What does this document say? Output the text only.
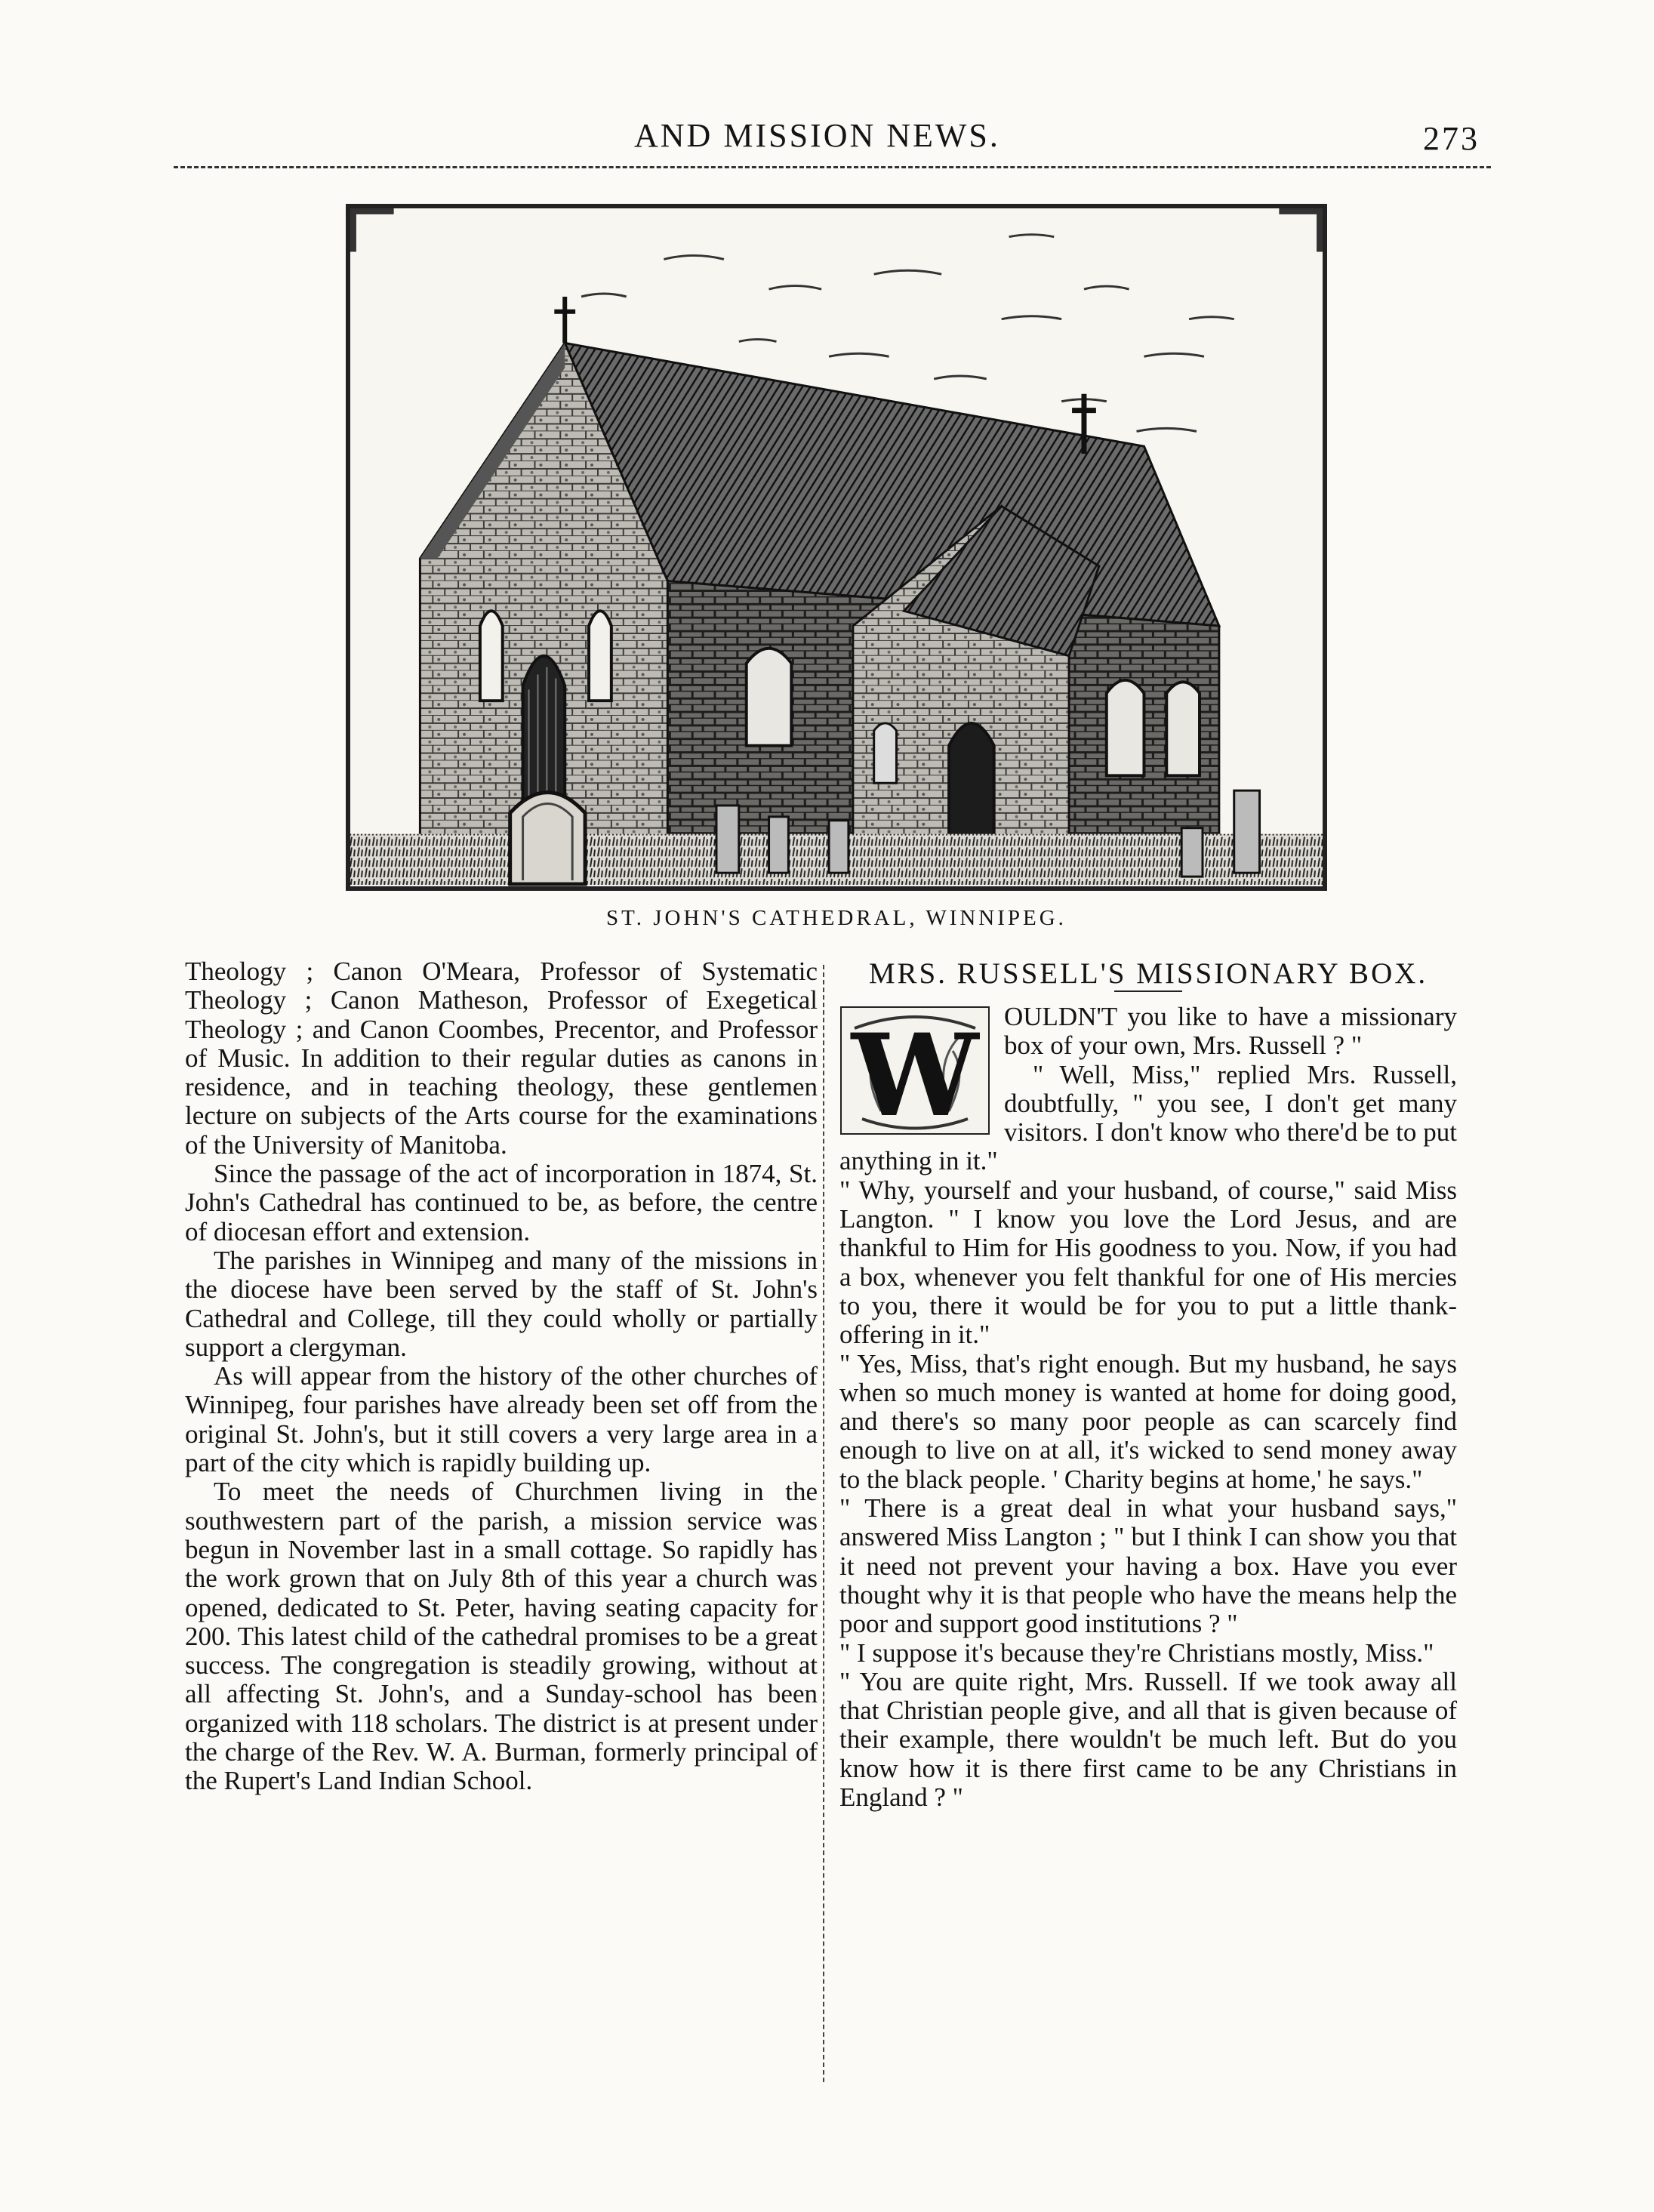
AND MISSION NEWS.	273
ST. JOHN'S CATHEDRAL, WINNIPEG.

Theology ; Canon O'Meara, Professor of Systematic Theology ; Canon Matheson, Professor of Exegetical Theology ; and Canon Coombes, Precentor, and Professor of Music. In addition to their regular duties as canons in residence, and in teaching theology, these gentlemen lecture on subjects of the Arts course for the examinations of the University of Manitoba.

Since the passage of the act of incorporation in 1874, St. John's Cathedral has continued to be, as before, the centre of diocesan effort and extension.

The parishes in Winnipeg and many of the missions in the diocese have been served by the staff of St. John's Cathedral and College, till they could wholly or partially support a clergyman.

As will appear from the history of the other churches of Winnipeg, four parishes have already been set off from the original St. John's, but it still covers a very large area in a part of the city which is rapidly building up.

To meet the needs of Churchmen living in the southwestern part of the parish, a mission service was begun in November last in a small cottage. So rapidly has the work grown that on July 8th of this year a church was opened, dedicated to St. Peter, having seating capacity for 200. This latest child of the cathedral promises to be a great success. The congregation is steadily growing, without at all affecting St. John's, and a Sunday-school has been organized with 118 scholars. The district is at present under the charge of the Rev. W. A. Burman, formerly principal of the Rupert's Land Indian School.

MRS. RUSSELL'S MISSIONARY BOX.

W OULDN'T you like to have a missionary box of your own, Mrs. Russell ? "

" Well, Miss," replied Mrs. Russell, doubtfully, " you see, I don't get many visitors. I don't know who there'd be to put anything in it."

" Why, yourself and your husband, of course," said Miss Langton. " I know you love the Lord Jesus, and are thankful to Him for His goodness to you. Now, if you had a box, whenever you felt thankful for one of His mercies to you, there it would be for you to put a little thank-offering in it."

" Yes, Miss, that's right enough. But my husband, he says when so much money is wanted at home for doing good, and there's so many poor people as can scarcely find enough to live on at all, it's wicked to send money away to the black people. ' Charity begins at home,' he says."

" There is a great deal in what your husband says," answered Miss Langton ; " but I think I can show you that it need not prevent your having a box. Have you ever thought why it is that people who have the means help the poor and support good institutions ? "

" I suppose it's because they're Christians mostly, Miss."

" You are quite right, Mrs. Russell. If we took away all that Christian people give, and all that is given because of their example, there wouldn't be much left. But do you know how it is there first came to be any Christians in England ? "
